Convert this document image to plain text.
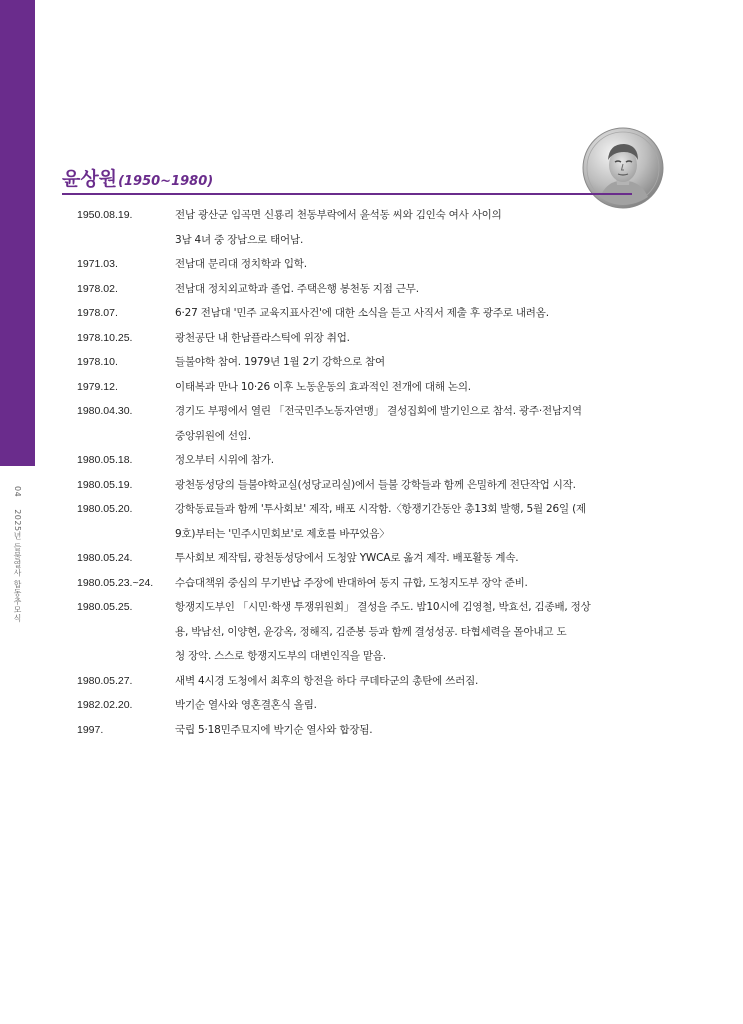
042025년 들불열사 합동추모식
윤상원(1950~1980)
1950.08.19.	전남 광산군 임곡면 신룡리 천동부락에서 윤석동 씨와 김인숙 여사 사이의
3남 4녀 중 장남으로 태어남.
1971.03.	전남대 문리대 정치학과 입학.
1978.02.	전남대 정치외교학과 졸업. 주택은행 봉천동 지점 근무.
1978.07.	6·27 전남대 '민주 교육지표사건'에 대한 소식을 듣고 사직서 제출 후 광주로 내려옴.
1978.10.25.	광천공단 내 한남플라스틱에 위장 취업.
1978.10.	들불야학 참여. 1979년 1월 2기 강학으로 참여
1979.12.	이태복과 만나 10·26 이후 노동운동의 효과적인 전개에 대해 논의.
1980.04.30.	경기도 부평에서 열린 「전국민주노동자연맹」 결성집회에 발기인으로 참석. 광주·전남지역
중앙위원에 선임.
1980.05.18.	정오부터 시위에 참가.
1980.05.19.	광천동성당의 들불야학교실(성당교리실)에서 들불 강학들과 함께 은밀하게 전단작업 시작.
1980.05.20.	강학동료들과 함께 '투사회보' 제작, 배포 시작함.〈항쟁기간동안 총13회 발행, 5월 26일 (제
9호)부터는 '민주시민회보'로 제호를 바꾸었음〉
1980.05.24.	투사회보 제작팀, 광천동성당에서 도청앞 YWCA로 옮겨 제작. 배포활동 계속.
1980.05.23.~24.	수습대책위 중심의 무기반납 주장에 반대하여 동지 규합, 도청지도부 장악 준비.
1980.05.25.	항쟁지도부인 「시민·학생 투쟁위원회」 결성을 주도. 밤10시에 김영철, 박효선, 김종배, 정상
용, 박남선, 이양현, 윤강옥, 정해직, 김준봉 등과 함께 결성성공. 타협세력을 몰아내고 도
청 장악. 스스로 항쟁지도부의 대변인직을 맡음.
1980.05.27.	새벽 4시경 도청에서 최후의 항전을 하다 쿠데타군의 총탄에 쓰러짐.
1982.02.20.	박기순 열사와 영혼결혼식 올림.
1997.	국립 5·18민주묘지에 박기순 열사와 합장됨.
